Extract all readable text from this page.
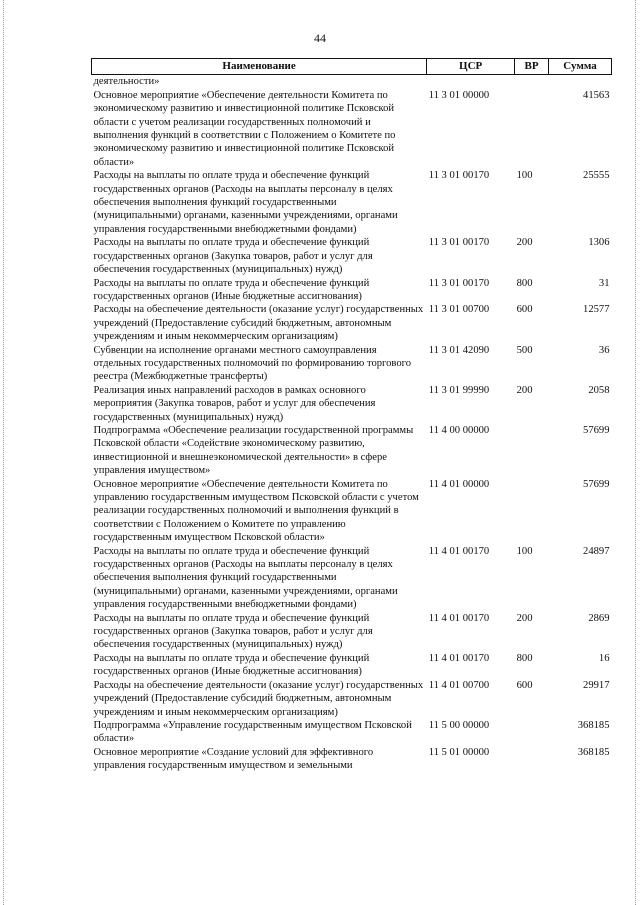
44
Наименование	ЦСР	ВР	Сумма
деятельности»			
Основное мероприятие «Обеспечение деятельности Комитета по экономическому развитию и инвестиционной политике Псковской области с учетом реализации государственных полномочий и выполнения функций в соответствии с Положением о Комитете по экономическому развитию и инвестиционной политике Псковской области»	11 3 01 00000		41563
Расходы на выплаты по оплате труда и обеспечение функций государственных органов (Расходы на выплаты персоналу в целях обеспечения выполнения функций государственными (муниципальными) органами, казенными учреждениями, органами управления государственными внебюджетными фондами)	11 3 01 00170	100	25555
Расходы на выплаты по оплате труда и обеспечение функций государственных органов (Закупка товаров, работ и услуг для обеспечения государственных (муниципальных) нужд)	11 3 01 00170	200	1306
Расходы на выплаты по оплате труда и обеспечение функций государственных органов (Иные бюджетные ассигнования)	11 3 01 00170	800	31
Расходы на обеспечение деятельности (оказание услуг) государственных учреждений (Предоставление субсидий бюджетным, автономным учреждениям и иным некоммерческим организациям)	11 3 01 00700	600	12577
Субвенции на исполнение органами местного самоуправления отдельных государственных полномочий по формированию торгового реестра (Межбюджетные трансферты)	11 3 01 42090	500	36
Реализация иных направлений расходов в рамках основного мероприятия (Закупка товаров, работ и услуг для обеспечения государственных (муниципальных) нужд)	11 3 01 99990	200	2058
Подпрограмма «Обеспечение реализации государственной программы Псковской области «Содействие экономическому развитию, инвестиционной и внешнеэкономической деятельности» в сфере управления имуществом»	11 4 00 00000		57699
Основное мероприятие «Обеспечение деятельности Комитета по управлению государственным имуществом Псковской области с учетом реализации государственных полномочий и выполнения функций в соответствии с Положением о Комитете по управлению государственным имуществом Псковской области»	11 4 01 00000		57699
Расходы на выплаты по оплате труда и обеспечение функций государственных органов (Расходы на выплаты персоналу в целях обеспечения выполнения функций государственными (муниципальными) органами, казенными учреждениями, органами управления государственными внебюджетными фондами)	11 4 01 00170	100	24897
Расходы на выплаты по оплате труда и обеспечение функций государственных органов (Закупка товаров, работ и услуг для обеспечения государственных (муниципальных) нужд)	11 4 01 00170	200	2869
Расходы на выплаты по оплате труда и обеспечение функций государственных органов (Иные бюджетные ассигнования)	11 4 01 00170	800	16
Расходы на обеспечение деятельности (оказание услуг) государственных учреждений (Предоставление субсидий бюджетным, автономным учреждениям и иным некоммерческим организациям)	11 4 01 00700	600	29917
Подпрограмма «Управление государственным имуществом Псковской области»	11 5 00 00000		368185
Основное мероприятие «Создание условий для эффективного управления государственным имуществом и земельными	11 5 01 00000		368185
